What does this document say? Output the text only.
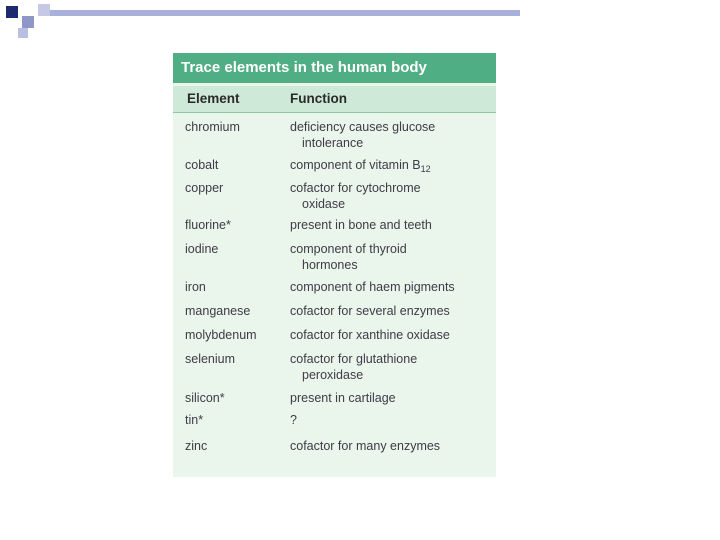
Trace elements in the human body
Element	Function
chromium	deficiency causes glucose
intolerance
cobalt	component of vitamin $B_{12}$
copper	cofactor for cytochrome
oxidase
fluorine*	present in bone and teeth
iodine	component of thyroid
hormones
iron	component of haem pigments
manganese	cofactor for several enzymes
molybdenum	cofactor for xanthine oxidase
selenium	cofactor for glutathione
peroxidase
silicon*	present in cartilage
tin*	?
zinc	cofactor for many enzymes
